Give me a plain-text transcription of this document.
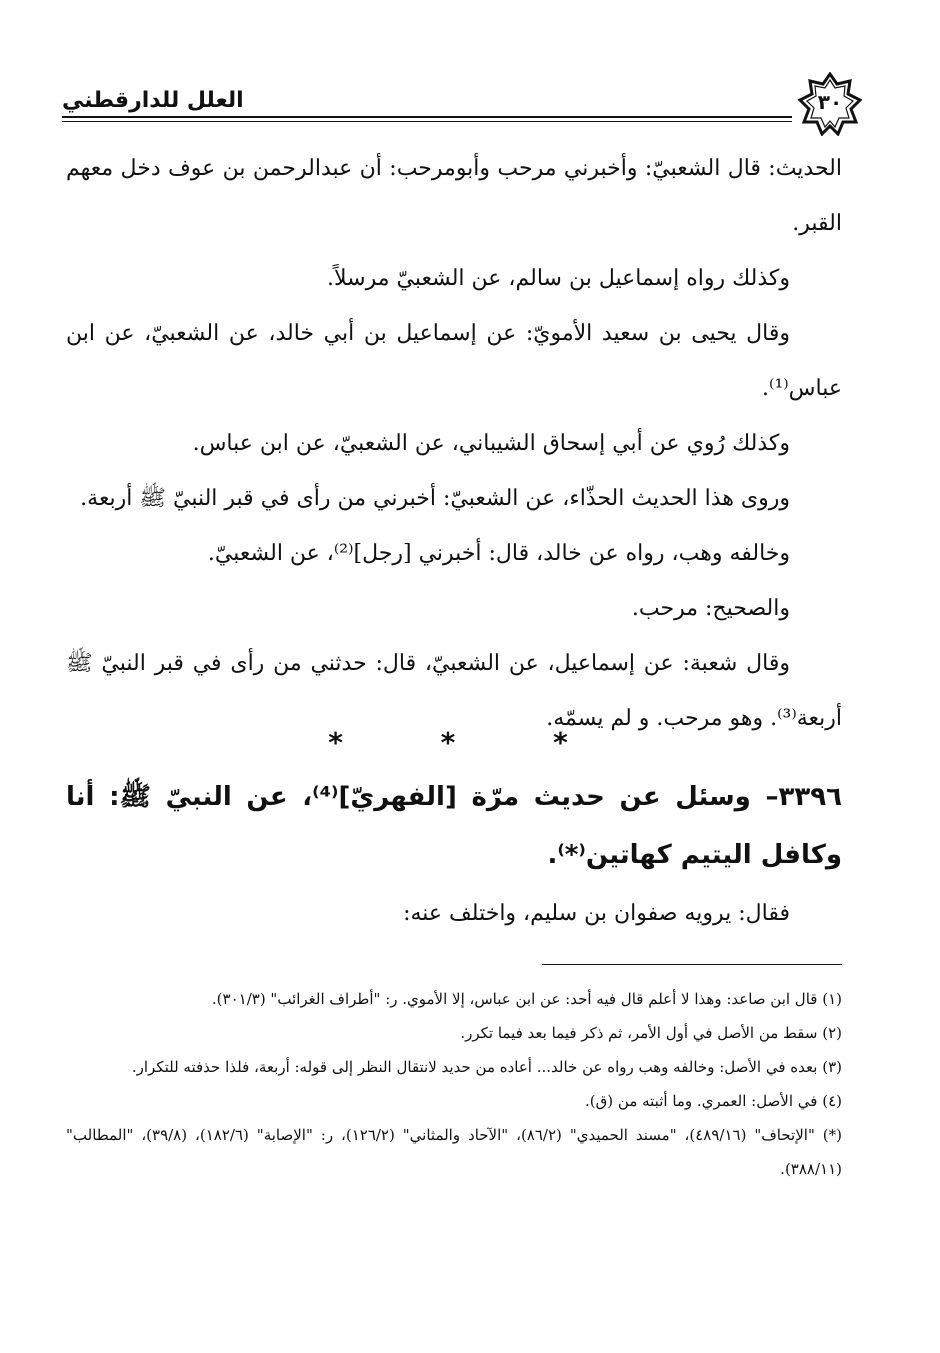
العلل للدارقطني	٣٠

الحديث: قال الشعبيّ: وأخبرني مرحب وأبومرحب: أن عبدالرحمن بن عوف دخل معهم القبر.

وكذلك رواه إسماعيل بن سالم، عن الشعبيّ مرسلاً.

وقال يحيى بن سعيد الأمويّ: عن إسماعيل بن أبي خالد، عن الشعبيّ، عن ابن عباس⁽¹⁾.

وكذلك رُوي عن أبي إسحاق الشيباني، عن الشعبيّ، عن ابن عباس.

وروى هذا الحديث الحذّاء، عن الشعبيّ: أخبرني من رأى في قبر النبيّ ﷺ أربعة.

وخالفه وهب، رواه عن خالد، قال: أخبرني [رجل]⁽²⁾، عن الشعبيّ.

والصحيح: مرحب.

وقال شعبة: عن إسماعيل، عن الشعبيّ، قال: حدثني من رأى في قبر النبيّ ﷺ أربعة⁽³⁾. وهو مرحب. و لم يسمّه.

* * *
٣٣٩٦– وسئل عن حديث مرّة [الفهريّ]⁽⁴⁾، عن النبيّ ﷺ: أنا وكافل اليتيم كهاتين⁽*⁾.

فقال: يرويه صفوان بن سليم، واختلف عنه:

(١) قال ابن صاعد: وهذا لا أعلم قال فيه أحد: عن ابن عباس، إلا الأموي. ر: "أطراف الغرائب" (٣٠١/٣).

(٢) سقط من الأصل في أول الأمر، ثم ذكر فيما بعد فيما تكرر.

(٣) بعده في الأصل: وخالفه وهب رواه عن خالد... أعاده من حديد لانتقال النظر إلى قوله: أربعة، فلذا حذفته للتكرار.

(٤) في الأصل: العمري. وما أثبته من (ق).

(*) "الإتحاف" (٤٨٩/١٦)، "مسند الحميدي" (٨٦/٢)، "الآحاد والمثاني" (١٢٦/٢)، ر: "الإصابة" (١٨٢/٦)، (٣٩/٨)، "المطالب" (٣٨٨/١١).
